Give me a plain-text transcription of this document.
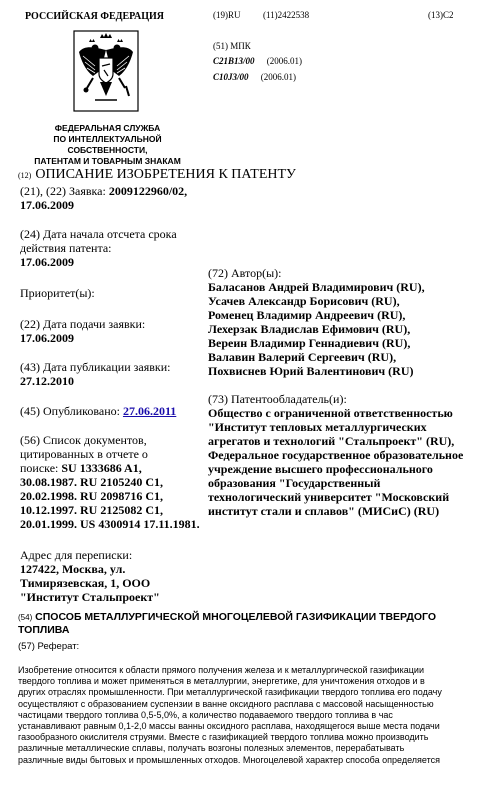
РОССИЙСКАЯ ФЕДЕРАЦИЯ	(19)RU	(11)2422538	(13)C2
ФЕДЕРАЛЬНАЯ СЛУЖБА
ПО ИНТЕЛЛЕКТУАЛЬНОЙ
СОБСТВЕННОСТИ,
ПАТЕНТАМ И ТОВАРНЫМ ЗНАКАМ
(51) МПК
C21B13/00 (2006.01)
C10J3/00 (2006.01)
(12) ОПИСАНИЕ ИЗОБРЕТЕНИЯ К ПАТЕНТУ
(21), (22) Заявка: 2009122960/02,
17.06.2009
(24) Дата начала отсчета срока
действия патента:
17.06.2009
Приоритет(ы):
(22) Дата подачи заявки:
17.06.2009
(43) Дата публикации заявки:
27.12.2010
(45) Опубликовано: 27.06.2011
(56) Список документов,
цитированных в отчете о
поиске: SU 1333686 A1,
30.08.1987. RU 2105240 C1,
20.02.1998. RU 2098716 C1,
10.12.1997. RU 2125082 C1,
20.01.1999. US 4300914 17.11.1981.
Адрес для переписки:
127422, Москва, ул.
Тимирязевская, 1, ООО
"Институт Стальпроект"
(72) Автор(ы):
Баласанов Андрей Владимирович (RU),
Усачев Александр Борисович (RU),
Роменец Владимир Андреевич (RU),
Лехерзак Владислав Ефимович (RU),
Верeин Владимир Геннадиевич (RU),
Валавин Валерий Сергеевич (RU),
Похвиснев Юрий Валентинович (RU)
(73) Патентообладатель(и):
Общество с ограниченной ответственностью
"Институт тепловых металлургических
агрегатов и технологий "Стальпроект" (RU),
Федеральное государственное образовательное
учреждение высшего профессионального
образования "Государственный
технологический университет "Московский
институт стали и сплавов" (МИСиС) (RU)
(54) СПОСОБ МЕТАЛЛУРГИЧЕСКОЙ МНОГОЦЕЛЕВОЙ ГАЗИФИКАЦИИ ТВЕРДОГО
ТОПЛИВА
(57) Реферат:
Изобретение относится к области прямого получения железа и к металлургической газификации
твердого топлива и может применяться в металлургии, энергетике, для уничтожения отходов и в
других отраслях промышленности. При металлургической газификации твердого топлива его подачу
осуществляют с образованием суспензии в ванне оксидного расплава с массовой насыщенностью
частицами твердого топлива 0,5-5,0%, а количество подаваемого твердого топлива в час
устанавливают равным 0,1-2,0 массы ванны оксидного расплава, находящегося выше места подачи
газообразного окислителя струями. Вместе с газификацией твердого топлива можно производить
различные металлические сплавы, получать возгоны полезных элементов, перерабатывать
различные виды бытовых и промышленных отходов. Многоцелевой характер способа определяется
